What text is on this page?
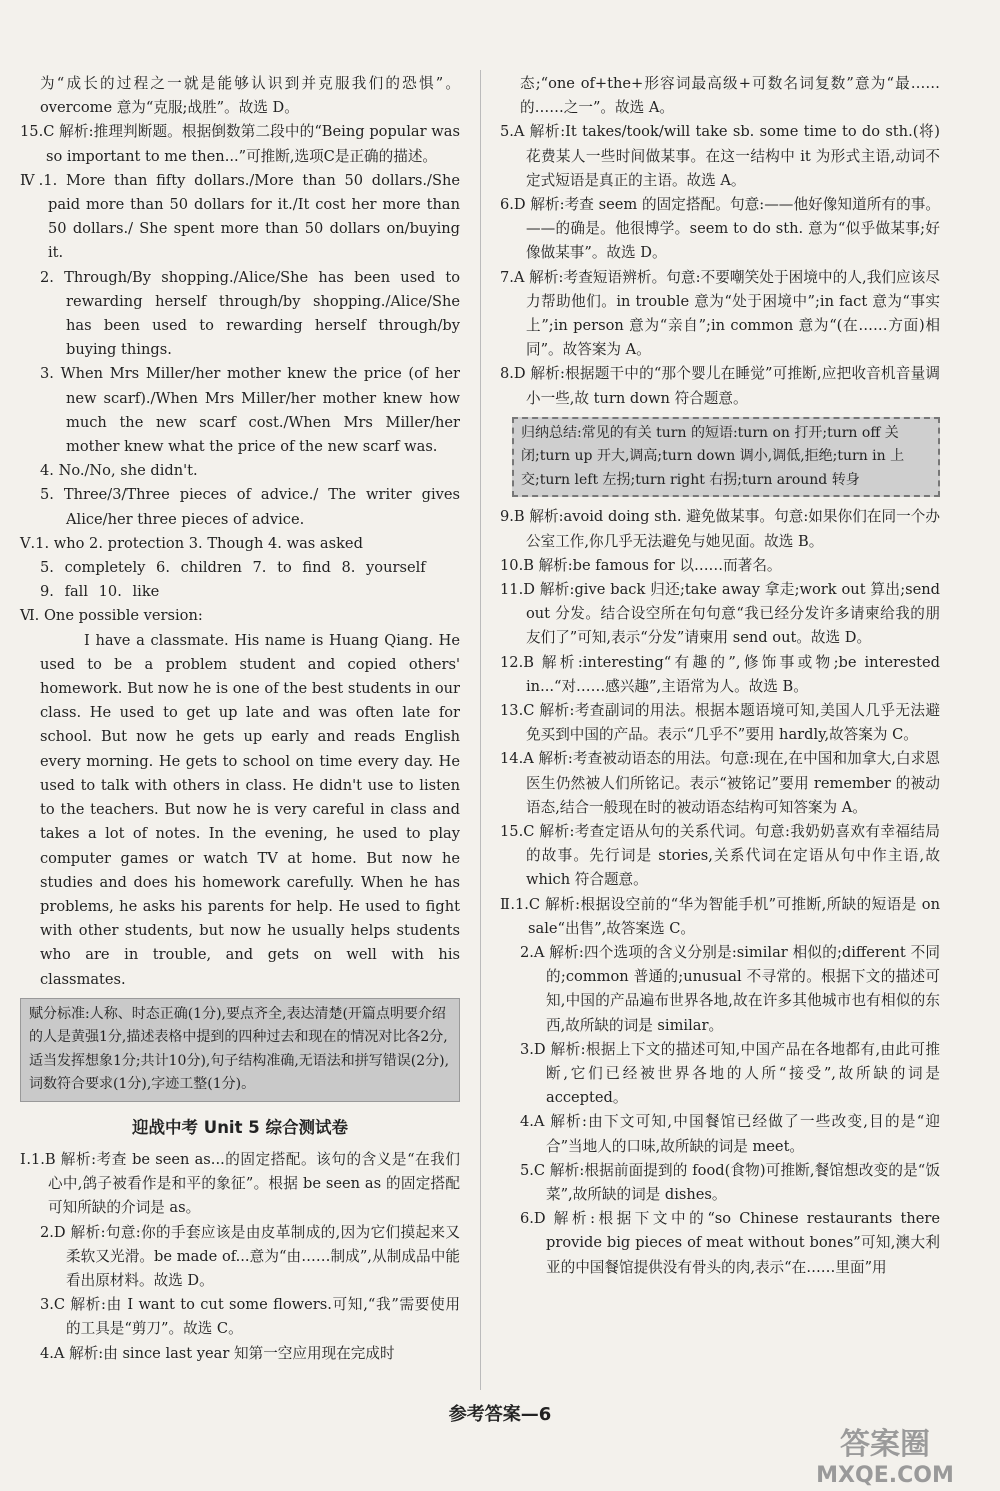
为“成长的过程之一就是能够认识到并克服我们的恐惧”。overcome 意为“克服;战胜”。故选 D。

15.C 解析:推理判断题。根据倒数第二段中的“Being popular was so important to me then...”可推断,选项C是正确的描述。

Ⅳ.1. More than fifty dollars./More than 50 dollars./She paid more than 50 dollars for it./It cost her more than 50 dollars./ She spent more than 50 dollars on/buying it.

2. Through/By shopping./Alice/She has been used to rewarding herself through/by shopping./Alice/She has been used to rewarding herself through/by buying things.

3. When Mrs Miller/her mother knew the price (of her new scarf)./When Mrs Miller/her mother knew how much the new scarf cost./When Mrs Miller/her mother knew what the price of the new scarf was.

4. No./No, she didn't.

5. Three/3/Three pieces of advice./ The writer gives Alice/her three pieces of advice.

Ⅴ.1. who 2. protection 3. Though 4. was asked

5. completely 6. children 7. to find 8. yourself

9. fall 10. like

Ⅵ. One possible version:

I have a classmate. His name is Huang Qiang. He used to be a problem student and copied others' homework. But now he is one of the best students in our class. He used to get up late and was often late for school. But now he gets up early and reads English every morning. He gets to school on time every day. He used to talk with others in class. He didn't use to listen to the teachers. But now he is very careful in class and takes a lot of notes. In the evening, he used to play computer games or watch TV at home. But now he studies and does his homework carefully. When he has problems, he asks his parents for help. He used to fight with other students, but now he usually helps students who are in trouble, and gets on well with his classmates.

赋分标准:人称、时态正确(1分),要点齐全,表达清楚(开篇点明要介绍的人是黄强1分,描述表格中提到的四种过去和现在的情况对比各2分,适当发挥想象1分;共计10分),句子结构准确,无语法和拼写错误(2分),词数符合要求(1分),字迹工整(1分)。
迎战中考 Unit 5 综合测试卷

Ⅰ.1.B 解析:考查 be seen as...的固定搭配。该句的含义是“在我们心中,鸽子被看作是和平的象征”。根据 be seen as 的固定搭配可知所缺的介词是 as。

2.D 解析:句意:你的手套应该是由皮革制成的,因为它们摸起来又柔软又光滑。be made of...意为“由……制成”,从制成品中能看出原材料。故选 D。

3.C 解析:由 I want to cut some flowers.可知,“我”需要使用的工具是“剪刀”。故选 C。

4.A 解析:由 since last year 知第一空应用现在完成时

态;“one of+the+形容词最高级+可数名词复数”意为“最……的……之一”。故选 A。

5.A 解析:It takes/took/will take sb. some time to do sth.(将)花费某人一些时间做某事。在这一结构中 it 为形式主语,动词不定式短语是真正的主语。故选 A。

6.D 解析:考查 seem 的固定搭配。句意:——他好像知道所有的事。——的确是。他很博学。seem to do sth. 意为“似乎做某事;好像做某事”。故选 D。

7.A 解析:考查短语辨析。句意:不要嘲笑处于困境中的人,我们应该尽力帮助他们。in trouble 意为“处于困境中”;in fact 意为“事实上”;in person 意为“亲自”;in common 意为“(在……方面)相同”。故答案为 A。

8.D 解析:根据题干中的“那个婴儿在睡觉”可推断,应把收音机音量调小一些,故 turn down 符合题意。

归纳总结:常见的有关 turn 的短语:turn on 打开;turn off 关闭;turn up 开大,调高;turn down 调小,调低,拒绝;turn in 上交;turn left 左拐;turn right 右拐;turn around 转身

9.B 解析:avoid doing sth. 避免做某事。句意:如果你们在同一个办公室工作,你几乎无法避免与她见面。故选 B。

10.B 解析:be famous for 以……而著名。

11.D 解析:give back 归还;take away 拿走;work out 算出;send out 分发。结合设空所在句句意“我已经分发许多请柬给我的朋友们了”可知,表示“分发”请柬用 send out。故选 D。

12.B 解析:interesting“有趣的”,修饰事或物;be interested in...“对……感兴趣”,主语常为人。故选 B。

13.C 解析:考查副词的用法。根据本题语境可知,美国人几乎无法避免买到中国的产品。表示“几乎不”要用 hardly,故答案为 C。

14.A 解析:考查被动语态的用法。句意:现在,在中国和加拿大,白求恩医生仍然被人们所铭记。表示“被铭记”要用 remember 的被动语态,结合一般现在时的被动语态结构可知答案为 A。

15.C 解析:考查定语从句的关系代词。句意:我奶奶喜欢有幸福结局的故事。先行词是 stories,关系代词在定语从句中作主语,故 which 符合题意。

Ⅱ.1.C 解析:根据设空前的“华为智能手机”可推断,所缺的短语是 on sale“出售”,故答案选 C。

2.A 解析:四个选项的含义分别是:similar 相似的;different 不同的;common 普通的;unusual 不寻常的。根据下文的描述可知,中国的产品遍布世界各地,故在许多其他城市也有相似的东西,故所缺的词是 similar。

3.D 解析:根据上下文的描述可知,中国产品在各地都有,由此可推断,它们已经被世界各地的人所“接受”,故所缺的词是 accepted。

4.A 解析:由下文可知,中国餐馆已经做了一些改变,目的是“迎合”当地人的口味,故所缺的词是 meet。

5.C 解析:根据前面提到的 food(食物)可推断,餐馆想改变的是“饭菜”,故所缺的词是 dishes。

6.D 解析:根据下文中的“so Chinese restaurants there provide big pieces of meat without bones”可知,澳大利亚的中国餐馆提供没有骨头的肉,表示“在……里面”用

参考答案—6
答案圈
MXQE.COM
